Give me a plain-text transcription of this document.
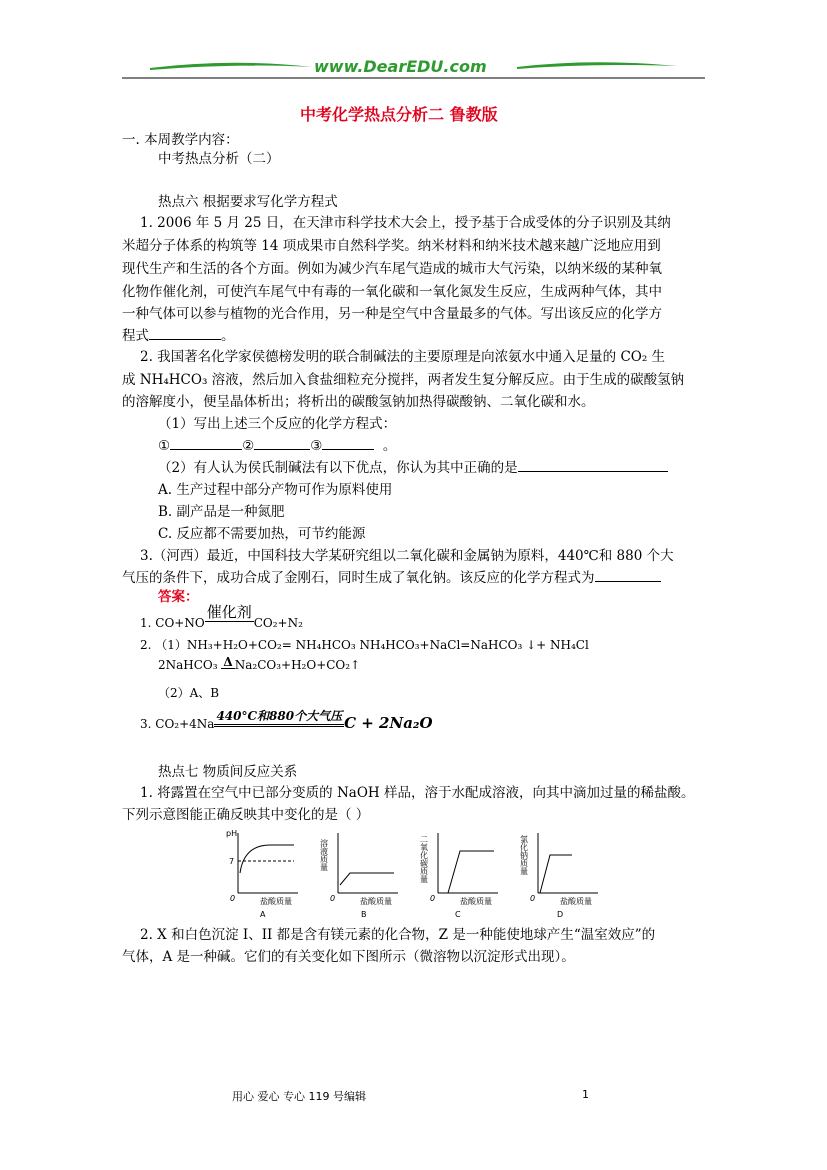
www.DearEDU.com
中考化学热点分析二 鲁教版
一. 本周教学内容：
中考热点分析（二）
热点六 根据要求写化学方程式
1. 2006 年 5 月 25 日，在天津市科学技术大会上，授予基于合成受体的分子识别及其纳
米超分子体系的构筑等 14 项成果市自然科学奖。纳米材料和纳米技术越来越广泛地应用到
现代生产和生活的各个方面。例如为减少汽车尾气造成的城市大气污染，以纳米级的某种氧
化物作催化剂，可使汽车尾气中有毒的一氧化碳和一氧化氮发生反应，生成两种气体，其中
一种气体可以参与植物的光合作用，另一种是空气中含量最多的气体。写出该反应的化学方
程式	。
2. 我国著名化学家侯德榜发明的联合制碱法的主要原理是向浓氨水中通入足量的 CO₂ 生
成 NH₄HCO₃ 溶液，然后加入食盐细粒充分搅拌，两者发生复分解反应。由于生成的碳酸氢钠
的溶解度小，便呈晶体析出；将析出的碳酸氢钠加热得碳酸钠、二氧化碳和水。
（1）写出上述三个反应的化学方程式：
①	②	③	。
（2）有人认为侯氏制碱法有以下优点，你认为其中正确的是
A. 生产过程中部分产物可作为原料使用
B. 副产品是一种氮肥
C. 反应都不需要加热，可节约能源
3.（河西）最近，中国科技大学某研究组以二氧化碳和金属钠为原料，440℃和 880 个大
气压的条件下，成功合成了金刚石，同时生成了氧化钠。该反应的化学方程式为
答案：
1. CO+NO
催化剂
CO₂+N₂
2. （1）NH₃+H₂O+CO₂= NH₄HCO₃ NH₄HCO₃+NaCl=NaHCO₃ ↓+ NH₄Cl
2NaHCO₃ Δ Na₂CO₃+H₂O+CO₂↑
（2）A、B
3. CO₂+4Na
440°C和880个大气压 C + 2Na₂O
热点七 物质间反应关系
1. 将露置在空气中已部分变质的 NaOH 样品，溶于水配成溶液，向其中滴加过量的稀盐酸。
下列示意图能正确反映其中变化的是（ ）
pH
7
0	盐酸质量
A
溶液质量
0	盐酸质量
B
二氧化碳质量
0	盐酸质量
C
氯化钠质量
0	盐酸质量
D
2. X 和白色沉淀 I、II 都是含有镁元素的化合物，Z 是一种能使地球产生“温室效应”的
气体，A 是一种碱。它们的有关变化如下图所示（微溶物以沉淀形式出现）。
用心 爱心 专心 119 号编辑	1
